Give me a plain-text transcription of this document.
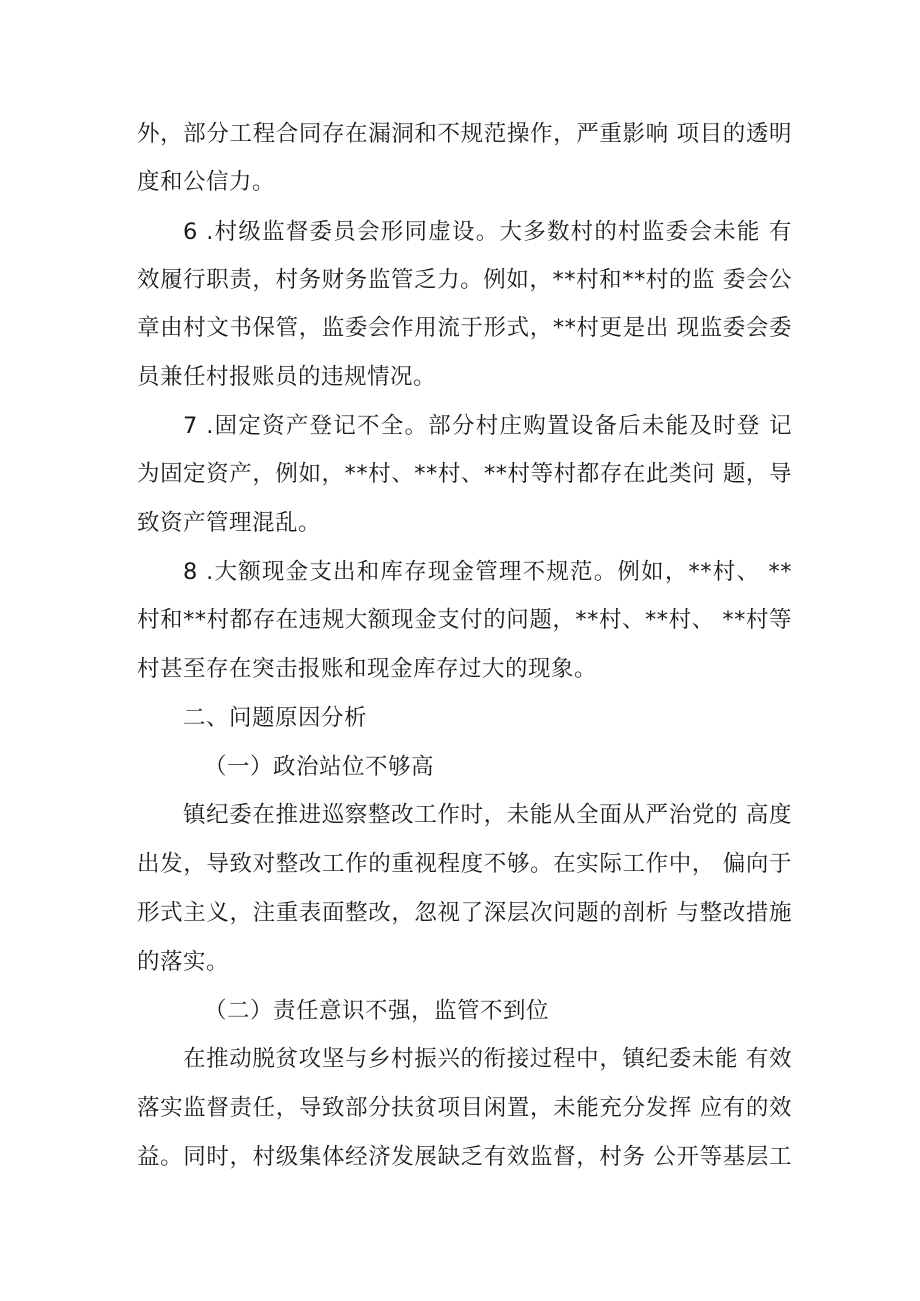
外，部分工程合同存在漏洞和不规范操作，严重影响 项目的透明
度和公信力。
6 .村级监督委员会形同虚设。大多数村的村监委会未能 有
效履行职责，村务财务监管乏力。例如，**村和**村的监 委会公
章由村文书保管，监委会作用流于形式，**村更是出 现监委会委
员兼任村报账员的违规情况。
7 .固定资产登记不全。部分村庄购置设备后未能及时登 记
为固定资产，例如，**村、**村、**村等村都存在此类问 题，导
致资产管理混乱。
8 .大额现金支出和库存现金管理不规范。例如，**村、 **
村和**村都存在违规大额现金支付的问题，**村、**村、 **村等
村甚至存在突击报账和现金库存过大的现象。
二、问题原因分析
（一）政治站位不够高
镇纪委在推进巡察整改工作时，未能从全面从严治党的 高度
出发，导致对整改工作的重视程度不够。在实际工作中， 偏向于
形式主义，注重表面整改，忽视了深层次问题的剖析 与整改措施
的落实。
（二）责任意识不强，监管不到位
在推动脱贫攻坚与乡村振兴的衔接过程中，镇纪委未能 有效
落实监督责任，导致部分扶贫项目闲置，未能充分发挥 应有的效
益。同时，村级集体经济发展缺乏有效监督，村务 公开等基层工
